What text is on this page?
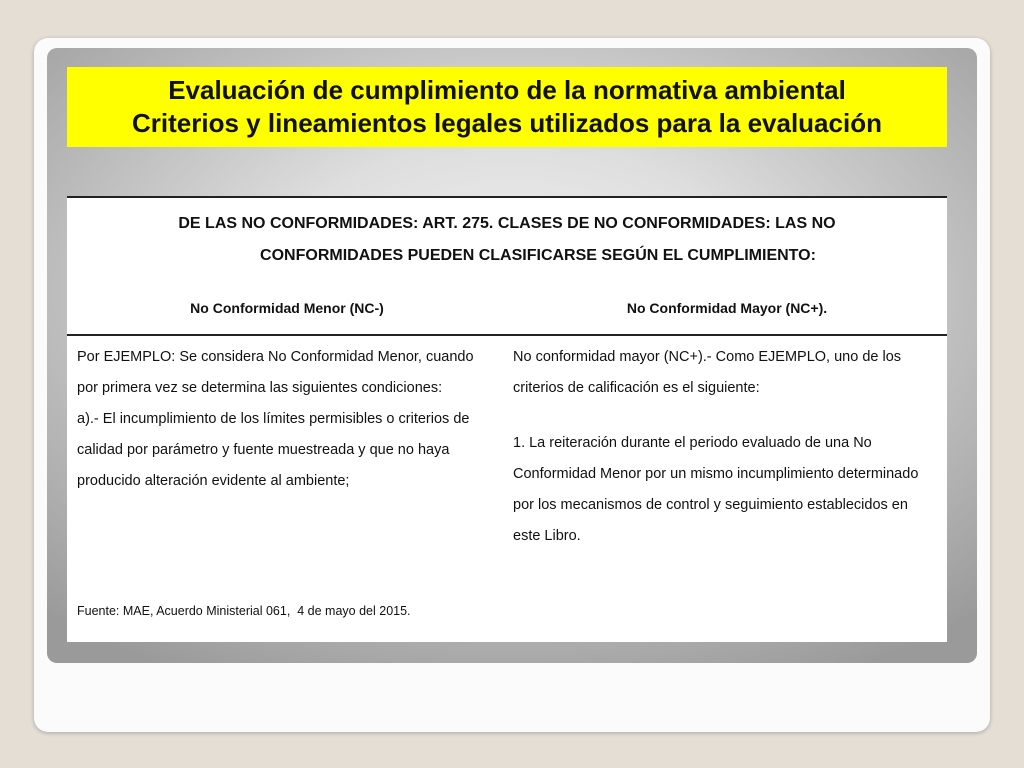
Evaluación de cumplimiento de la normativa ambiental
Criterios y lineamientos legales utilizados para la evaluación
DE LAS NO CONFORMIDADES: ART. 275. CLASES DE NO CONFORMIDADES: LAS NO
CONFORMIDADES PUEDEN CLASIFICARSE SEGÚN EL CUMPLIMIENTO:
No Conformidad Menor (NC-)	No Conformidad Mayor (NC+).

Por EJEMPLO: Se considera No Conformidad Menor, cuando por primera vez se determina las siguientes condiciones:

a).- El incumplimiento de los límites permisibles o criterios de calidad por parámetro y fuente muestreada y que no haya producido alteración evidente al ambiente;

No conformidad mayor (NC+).- Como EJEMPLO, uno de los criterios de calificación es el siguiente:

1. La reiteración durante el periodo evaluado de una No Conformidad Menor por un mismo incumplimiento determinado por los mecanismos de control y seguimiento establecidos en este Libro.

Fuente: MAE, Acuerdo Ministerial 061,  4 de mayo del 2015.
